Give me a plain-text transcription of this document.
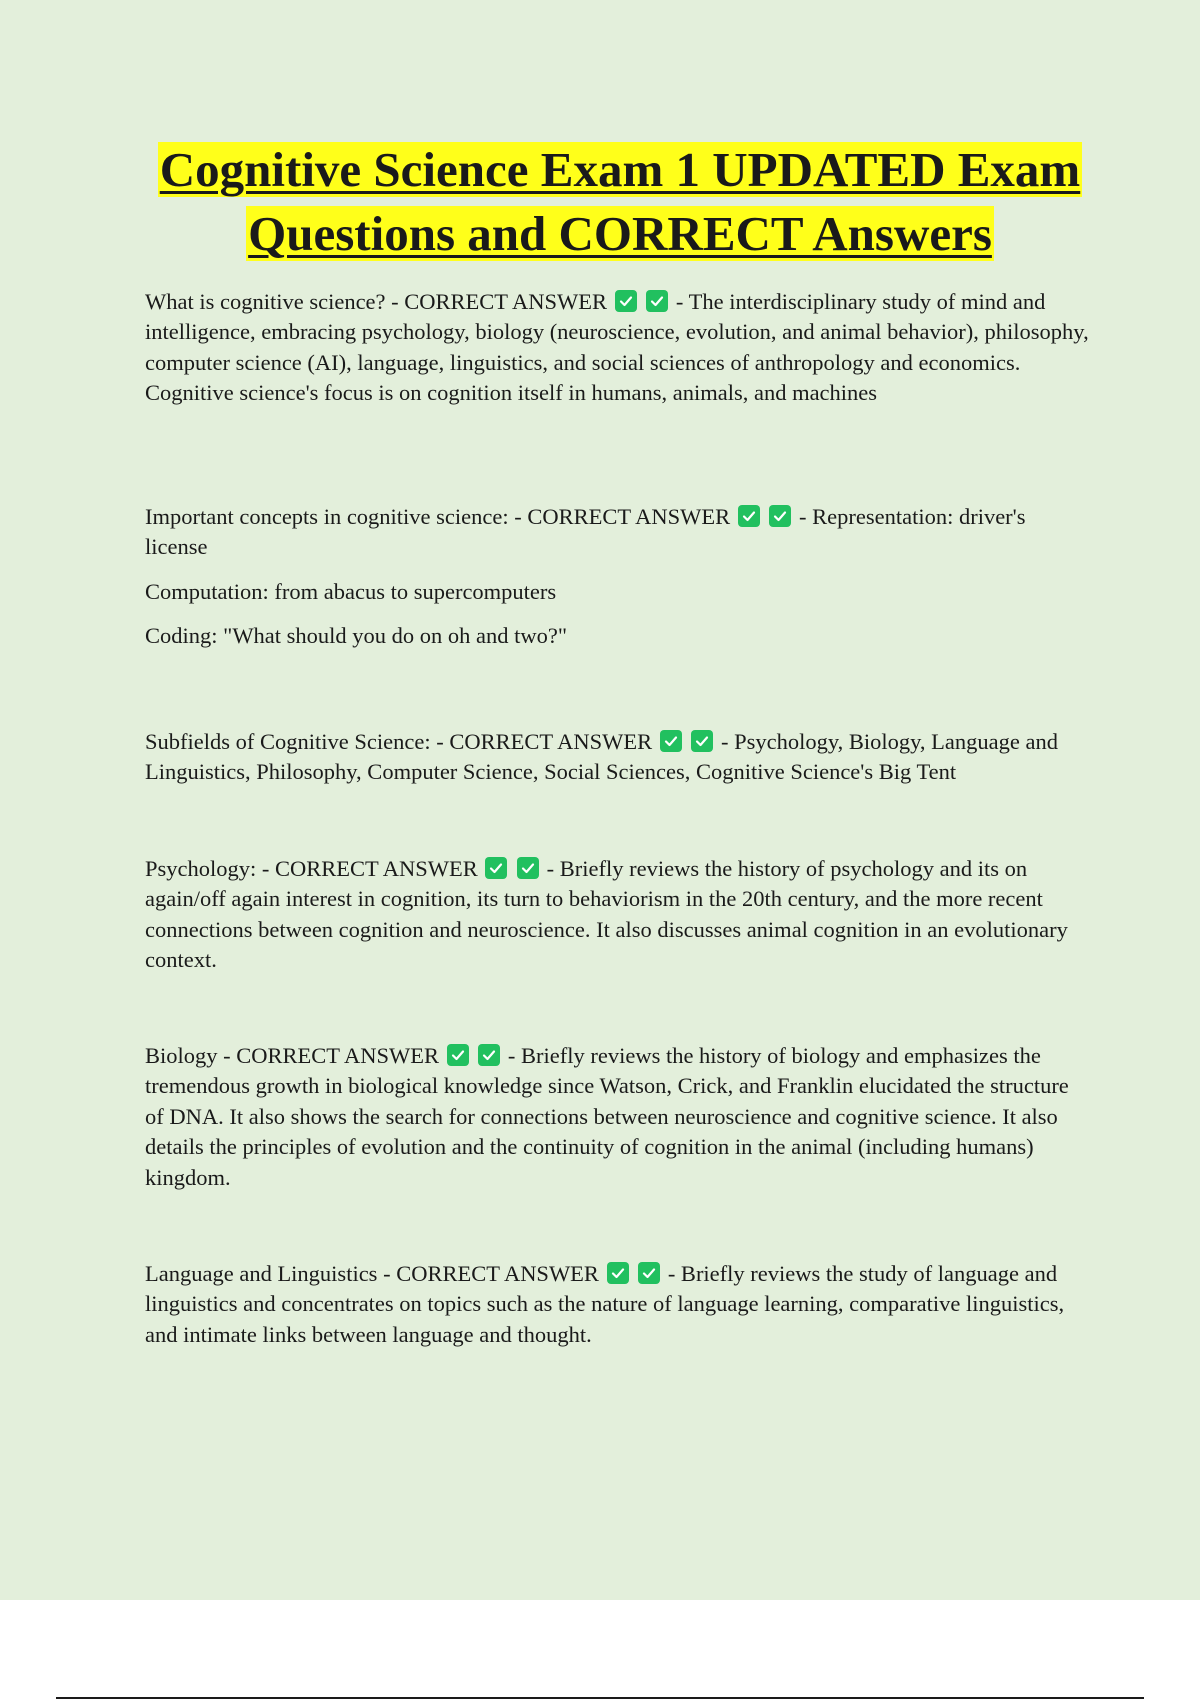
Cognitive Science Exam 1 UPDATED Exam
Questions and CORRECT Answers

What is cognitive science? - CORRECT ANSWER
	- The interdisciplinary study of mind and intelligence, embracing psychology, biology (neuroscience, evolution, and animal behavior), philosophy, computer science (AI), language, linguistics, and social sciences of anthropology and economics. Cognitive science's focus is on cognition itself in humans, animals, and machines

Important concepts in cognitive science: - CORRECT ANSWER
	- Representation: driver's license

Computation: from abacus to supercomputers

Coding: "What should you do on oh and two?"

Subfields of Cognitive Science: - CORRECT ANSWER
	- Psychology, Biology, Language and Linguistics, Philosophy, Computer Science, Social Sciences, Cognitive Science's Big Tent

Psychology: - CORRECT ANSWER
	- Briefly reviews the history of psychology and its on again/off again interest in cognition, its turn to behaviorism in the 20th century, and the more recent connections between cognition and neuroscience. It also discusses animal cognition in an evolutionary context.

Biology - CORRECT ANSWER
	- Briefly reviews the history of biology and emphasizes the tremendous growth in biological knowledge since Watson, Crick, and Franklin elucidated the structure of DNA. It also shows the search for connections between neuroscience and cognitive science. It also details the principles of evolution and the continuity of cognition in the animal (including humans) kingdom.

Language and Linguistics - CORRECT ANSWER
	- Briefly reviews the study of language and linguistics and concentrates on topics such as the nature of language learning, comparative linguistics, and intimate links between language and thought.
